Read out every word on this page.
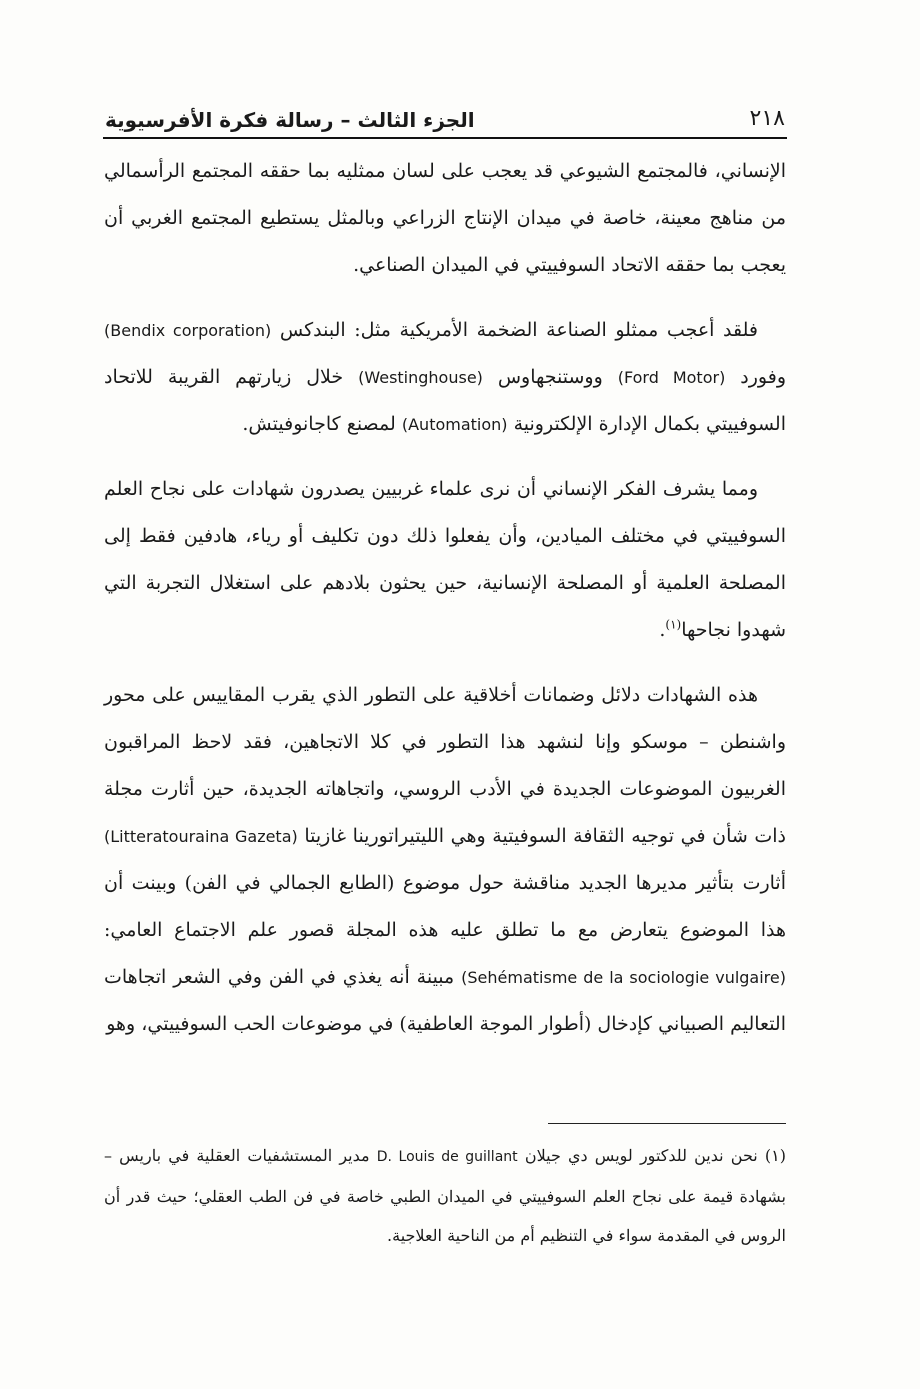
الجزء الثالث – رسالة فكرة الأفرسيوية	٢١٨

الإنساني، فالمجتمع الشيوعي قد يعجب على لسان ممثليه بما حققه المجتمع الرأسمالي من مناهج معينة، خاصة في ميدان الإنتاج الزراعي وبالمثل يستطيع المجتمع الغربي أن يعجب بما حققه الاتحاد السوفييتي في الميدان الصناعي.

فلقد أعجب ممثلو الصناعة الضخمة الأمريكية مثل: البندكس (Bendix corporation) وفورد (Ford Motor) ووستنجهاوس (Westinghouse) خلال زيارتهم القريبة للاتحاد السوفييتي بكمال الإدارة الإلكترونية (Automation) لمصنع كاجانوفيتش.

ومما يشرف الفكر الإنساني أن نرى علماء غربيين يصدرون شهادات على نجاح العلم السوفييتي في مختلف الميادين، وأن يفعلوا ذلك دون تكليف أو رياء، هادفين فقط إلى المصلحة العلمية أو المصلحة الإنسانية، حين يحثون بلادهم على استغلال التجربة التي شهدوا نجاحها$^{(١)}$.

هذه الشهادات دلائل وضمانات أخلاقية على التطور الذي يقرب المقاييس على محور واشنطن – موسكو وإنا لنشهد هذا التطور في كلا الاتجاهين، فقد لاحظ المراقبون الغربيون الموضوعات الجديدة في الأدب الروسي، واتجاهاته الجديدة، حين أثارت مجلة ذات شأن في توجيه الثقافة السوفيتية وهي الليتيراتورينا غازيتا (Litteratouraina Gazeta) أثارت بتأثير مديرها الجديد مناقشة حول موضوع (الطابع الجمالي في الفن) وبينت أن هذا الموضوع يتعارض مع ما تطلق عليه هذه المجلة قصور علم الاجتماع العامي: (Sehématisme de la sociologie vulgaire) مبينة أنه يغذي في الفن وفي الشعر اتجاهات التعاليم الصبياني كإدخال (أطوار الموجة العاطفية) في موضوعات الحب السوفييتي، وهو

(١) نحن ندين للدكتور لويس دي جيلان D. Louis de guillant مدير المستشفيات العقلية في باريس – بشهادة قيمة على نجاح العلم السوفييتي في الميدان الطبي خاصة في فن الطب العقلي؛ حيث قدر أن الروس في المقدمة سواء في التنظيم أم من الناحية العلاجية.
